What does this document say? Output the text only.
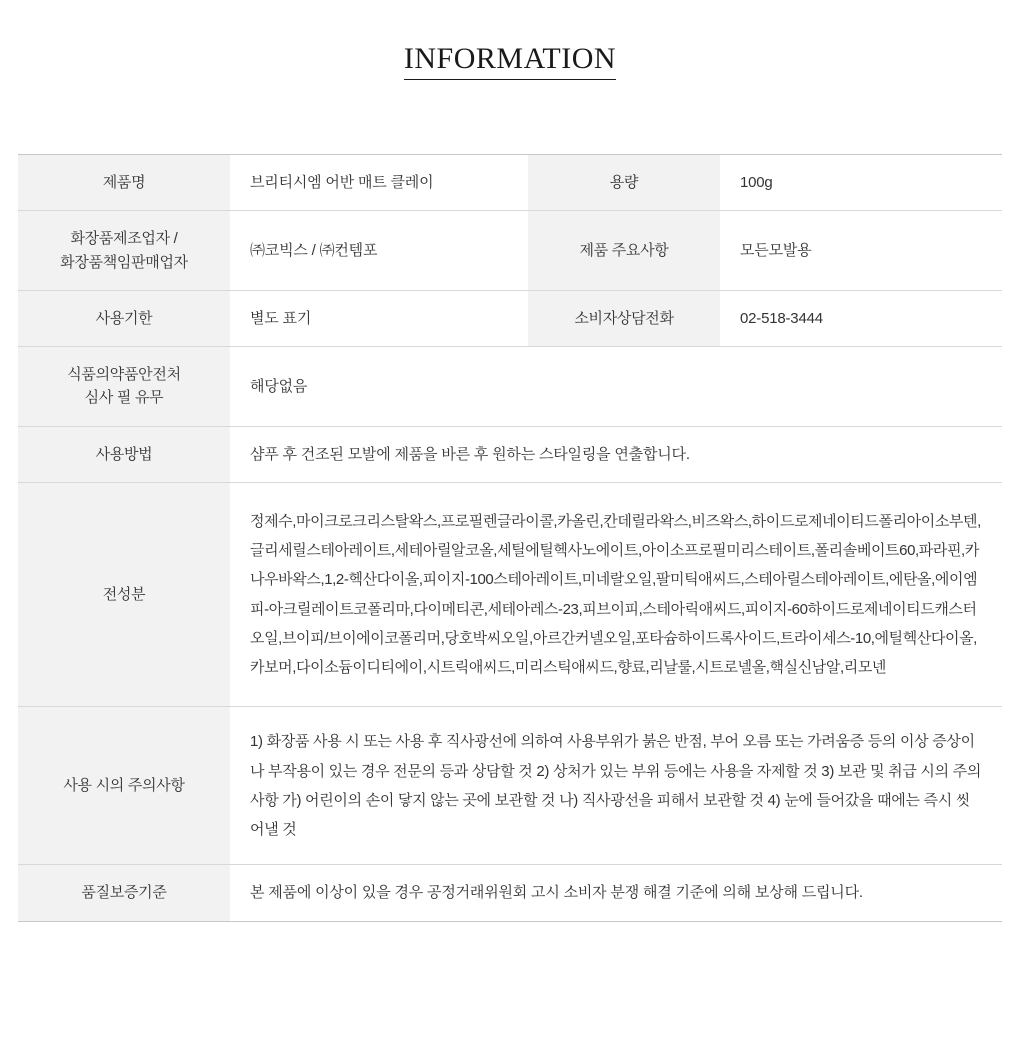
INFORMATION
제품명	브리티시엠 어반 매트 클레이	용량	100g

화장품제조업자 /
화장품책임판매업자	㈜코빅스 / ㈜컨템포	제품 주요사항	모든모발용
사용기한	별도 표기	소비자상담전화	02-518-3444

식품의약품안전처
심사 필 유무	해당없음		
사용방법	샴푸 후 건조된 모발에 제품을 바른 후 원하는 스타일링을 연출합니다.		
전성분	정제수,마이크로크리스탈왁스,프로필렌글라이콜,카올린,칸데릴라왁스,비즈왁스,하이드로제네이티드폴리아이소부텐,글리세릴스테아레이트,세테아릴알코올,세틸에틸헥사노에이트,아이소프로필미리스테이트,폴리솔베이트60,파라핀,카나우바왁스,1,2-헥산다이올,피이지-100스테아레이트,미네랄오일,팔미틱애씨드,스테아릴스테아레이트,에탄올,에이엠피-아크릴레이트코폴리마,다이메티콘,세테아레스-23,피브이피,스테아릭애씨드,피이지-60하이드로제네이티드캐스터오일,브이피/브이에이코폴리머,당호박씨오일,아르간커넬오일,포타슘하이드록사이드,트라이세스-10,에틸헥산다이올,카보머,다이소듐이디티에이,시트릭애씨드,미리스틱애씨드,향료,리날룰,시트로넬올,핵실신남알,리모넨		
사용 시의 주의사항	1) 화장품 사용 시 또는 사용 후 직사광선에 의하여 사용부위가 붉은 반점, 부어 오름 또는 가려움증 등의 이상 증상이나 부작용이 있는 경우 전문의 등과 상담할 것 2) 상처가 있는 부위 등에는 사용을 자제할 것 3) 보관 및 취급 시의 주의사항 가) 어린이의 손이 닿지 않는 곳에 보관할 것 나) 직사광선을 피해서 보관할 것 4) 눈에 들어갔을 때에는 즉시 씻어낼 것		
품질보증기준	본 제품에 이상이 있을 경우 공정거래위원회 고시 소비자 분쟁 해결 기준에 의해 보상해 드립니다.		
